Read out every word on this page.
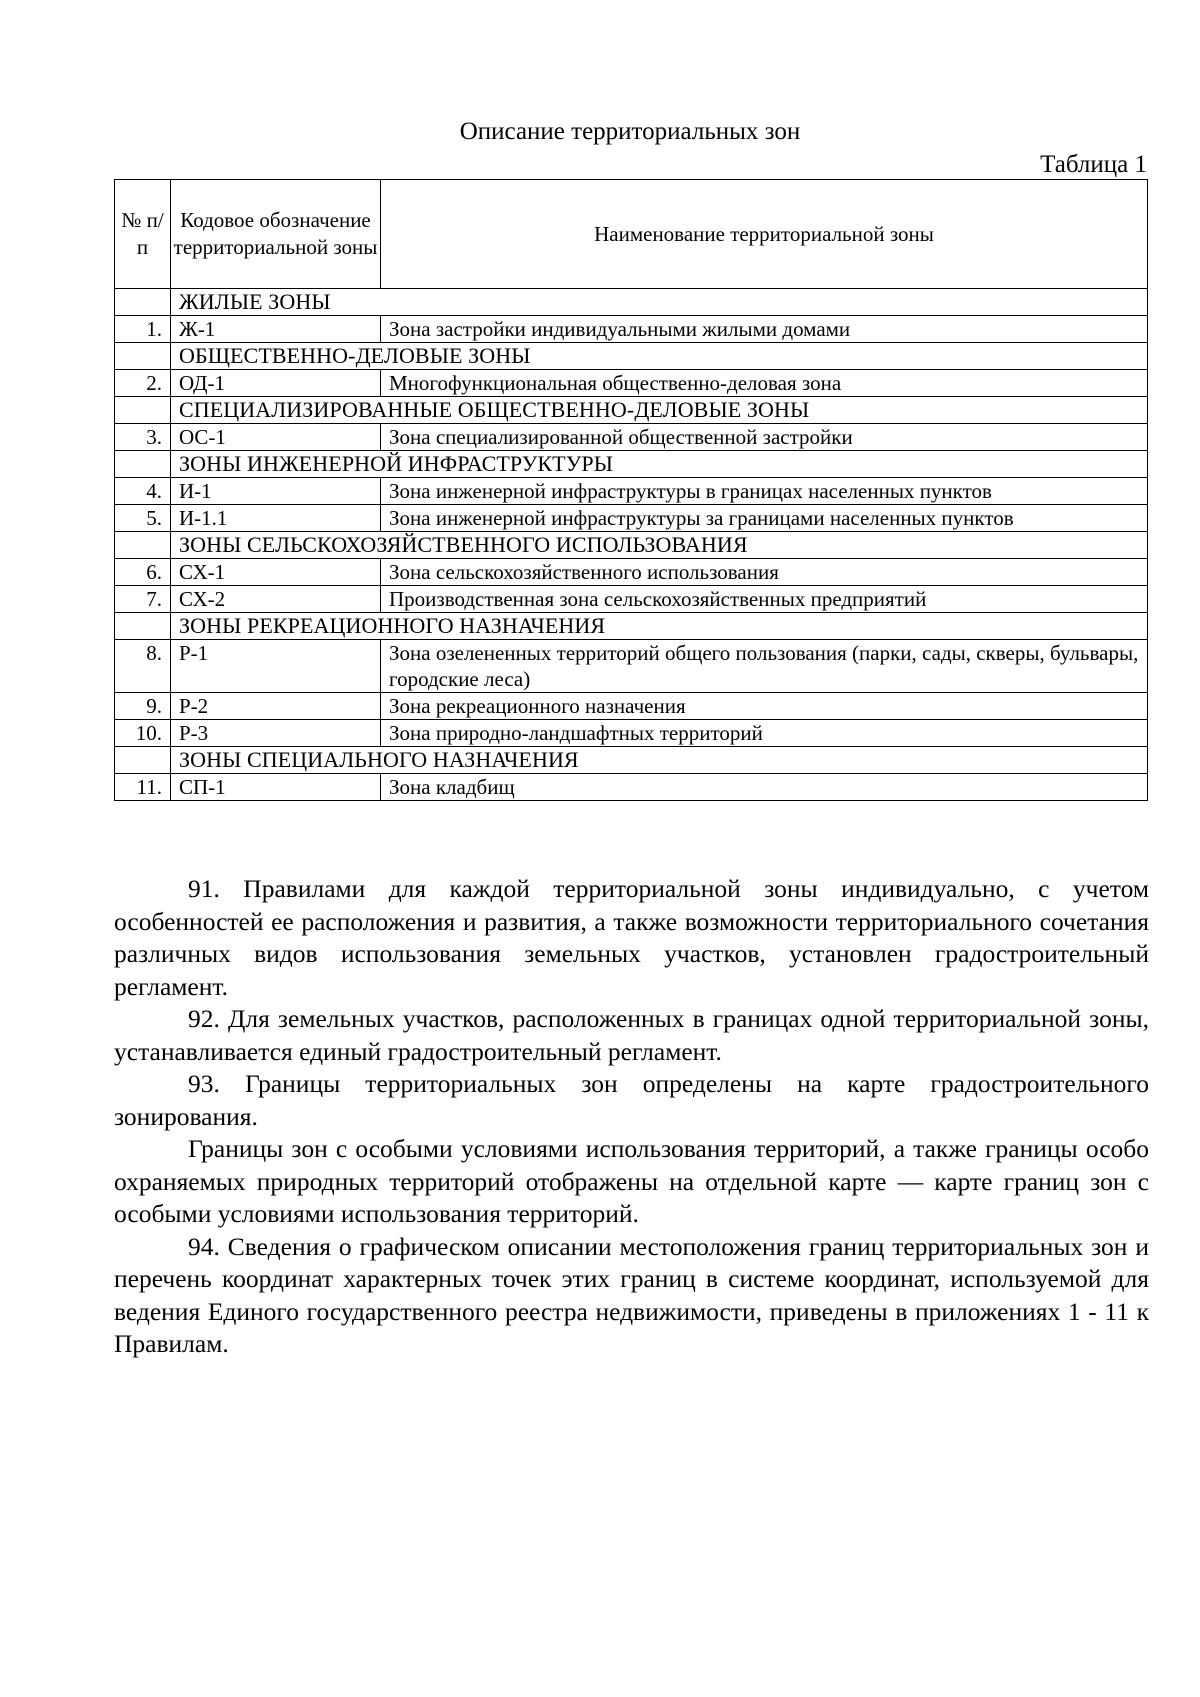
Описание территориальных зон
Таблица 1
№ п/п	Кодовое обозначение территориальной зоны	Наименование территориальной зоны
	ЖИЛЫЕ ЗОНЫ	
1.	Ж-1	Зона застройки индивидуальными жилыми домами
	ОБЩЕСТВЕННО-ДЕЛОВЫЕ ЗОНЫ	
2.	ОД-1	Многофункциональная общественно-деловая зона
	СПЕЦИАЛИЗИРОВАННЫЕ ОБЩЕСТВЕННО-ДЕЛОВЫЕ ЗОНЫ	
3.	ОС-1	Зона специализированной общественной застройки
	ЗОНЫ ИНЖЕНЕРНОЙ ИНФРАСТРУКТУРЫ	
4.	И-1	Зона инженерной инфраструктуры в границах населенных пунктов
5.	И-1.1	Зона инженерной инфраструктуры за границами населенных пунктов
	ЗОНЫ СЕЛЬСКОХОЗЯЙСТВЕННОГО ИСПОЛЬЗОВАНИЯ	
6.	СХ-1	Зона сельскохозяйственного использования
7.	СХ-2	Производственная зона сельскохозяйственных предприятий
	ЗОНЫ РЕКРЕАЦИОННОГО НАЗНАЧЕНИЯ	
8.	Р-1	Зона озелененных территорий общего пользования (парки, сады, скверы, бульвары, городские леса)
9.	Р-2	Зона рекреационного назначения
10.	Р-3	Зона природно-ландшафтных территорий
	ЗОНЫ СПЕЦИАЛЬНОГО НАЗНАЧЕНИЯ	
11.	СП-1	Зона кладбищ

91. Правилами для каждой территориальной зоны индивидуально, с учетом особенностей ее расположения и развития, а также возможности территориального сочетания различных видов использования земельных участков, установлен градостроительный регламент.

92. Для земельных участков, расположенных в границах одной территориальной зоны, устанавливается единый градостроительный регламент.

93. Границы территориальных зон определены на карте градостроительного зонирования.

Границы зон с особыми условиями использования территорий, а также границы особо охраняемых природных территорий отображены на отдельной карте — карте границ зон с особыми условиями использования территорий.

94. Сведения о графическом описании местоположения границ территориальных зон и перечень координат характерных точек этих границ в системе координат, используемой для ведения Единого государственного реестра недвижимости, приведены в приложениях 1 - 11 к Правилам.
